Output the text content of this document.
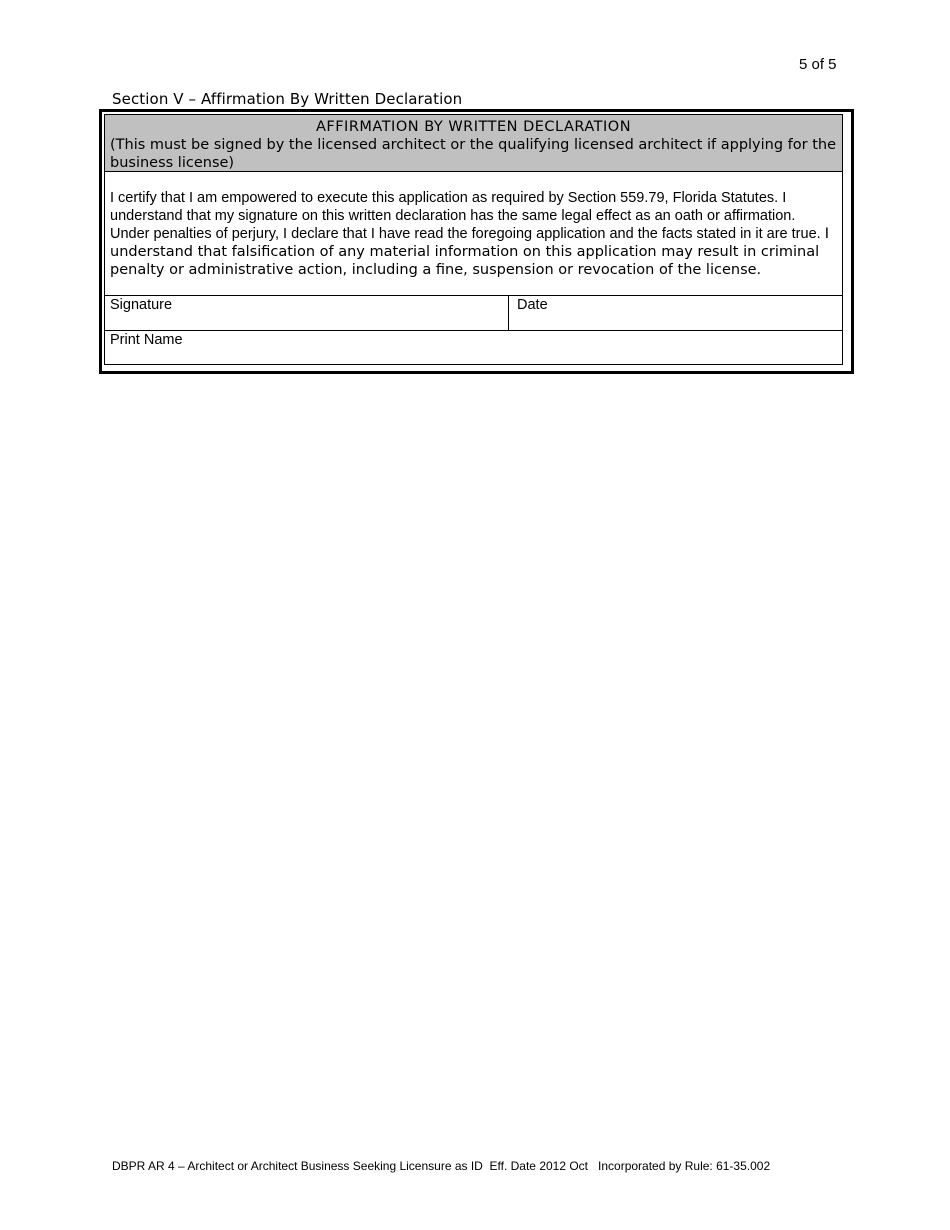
5 of 5
Section V – Affirmation By Written Declaration
AFFIRMATION BY WRITTEN DECLARATION
(This must be signed by the licensed architect or the qualifying licensed architect if applying for the business license)
I certify that I am empowered to execute this application as required by Section 559.79, Florida Statutes. I understand that my signature on this written declaration has the same legal effect as an oath or affirmation. Under penalties of perjury, I declare that I have read the foregoing application and the facts stated in it are true. I understand that falsification of any material information on this application may result in criminal penalty or administrative action, including a fine, suspension or revocation of the license.
Signature	Date
Print Name
DBPR AR 4 – Architect or Architect Business Seeking Licensure as ID  Eff. Date 2012 Oct   Incorporated by Rule: 61-35.002
